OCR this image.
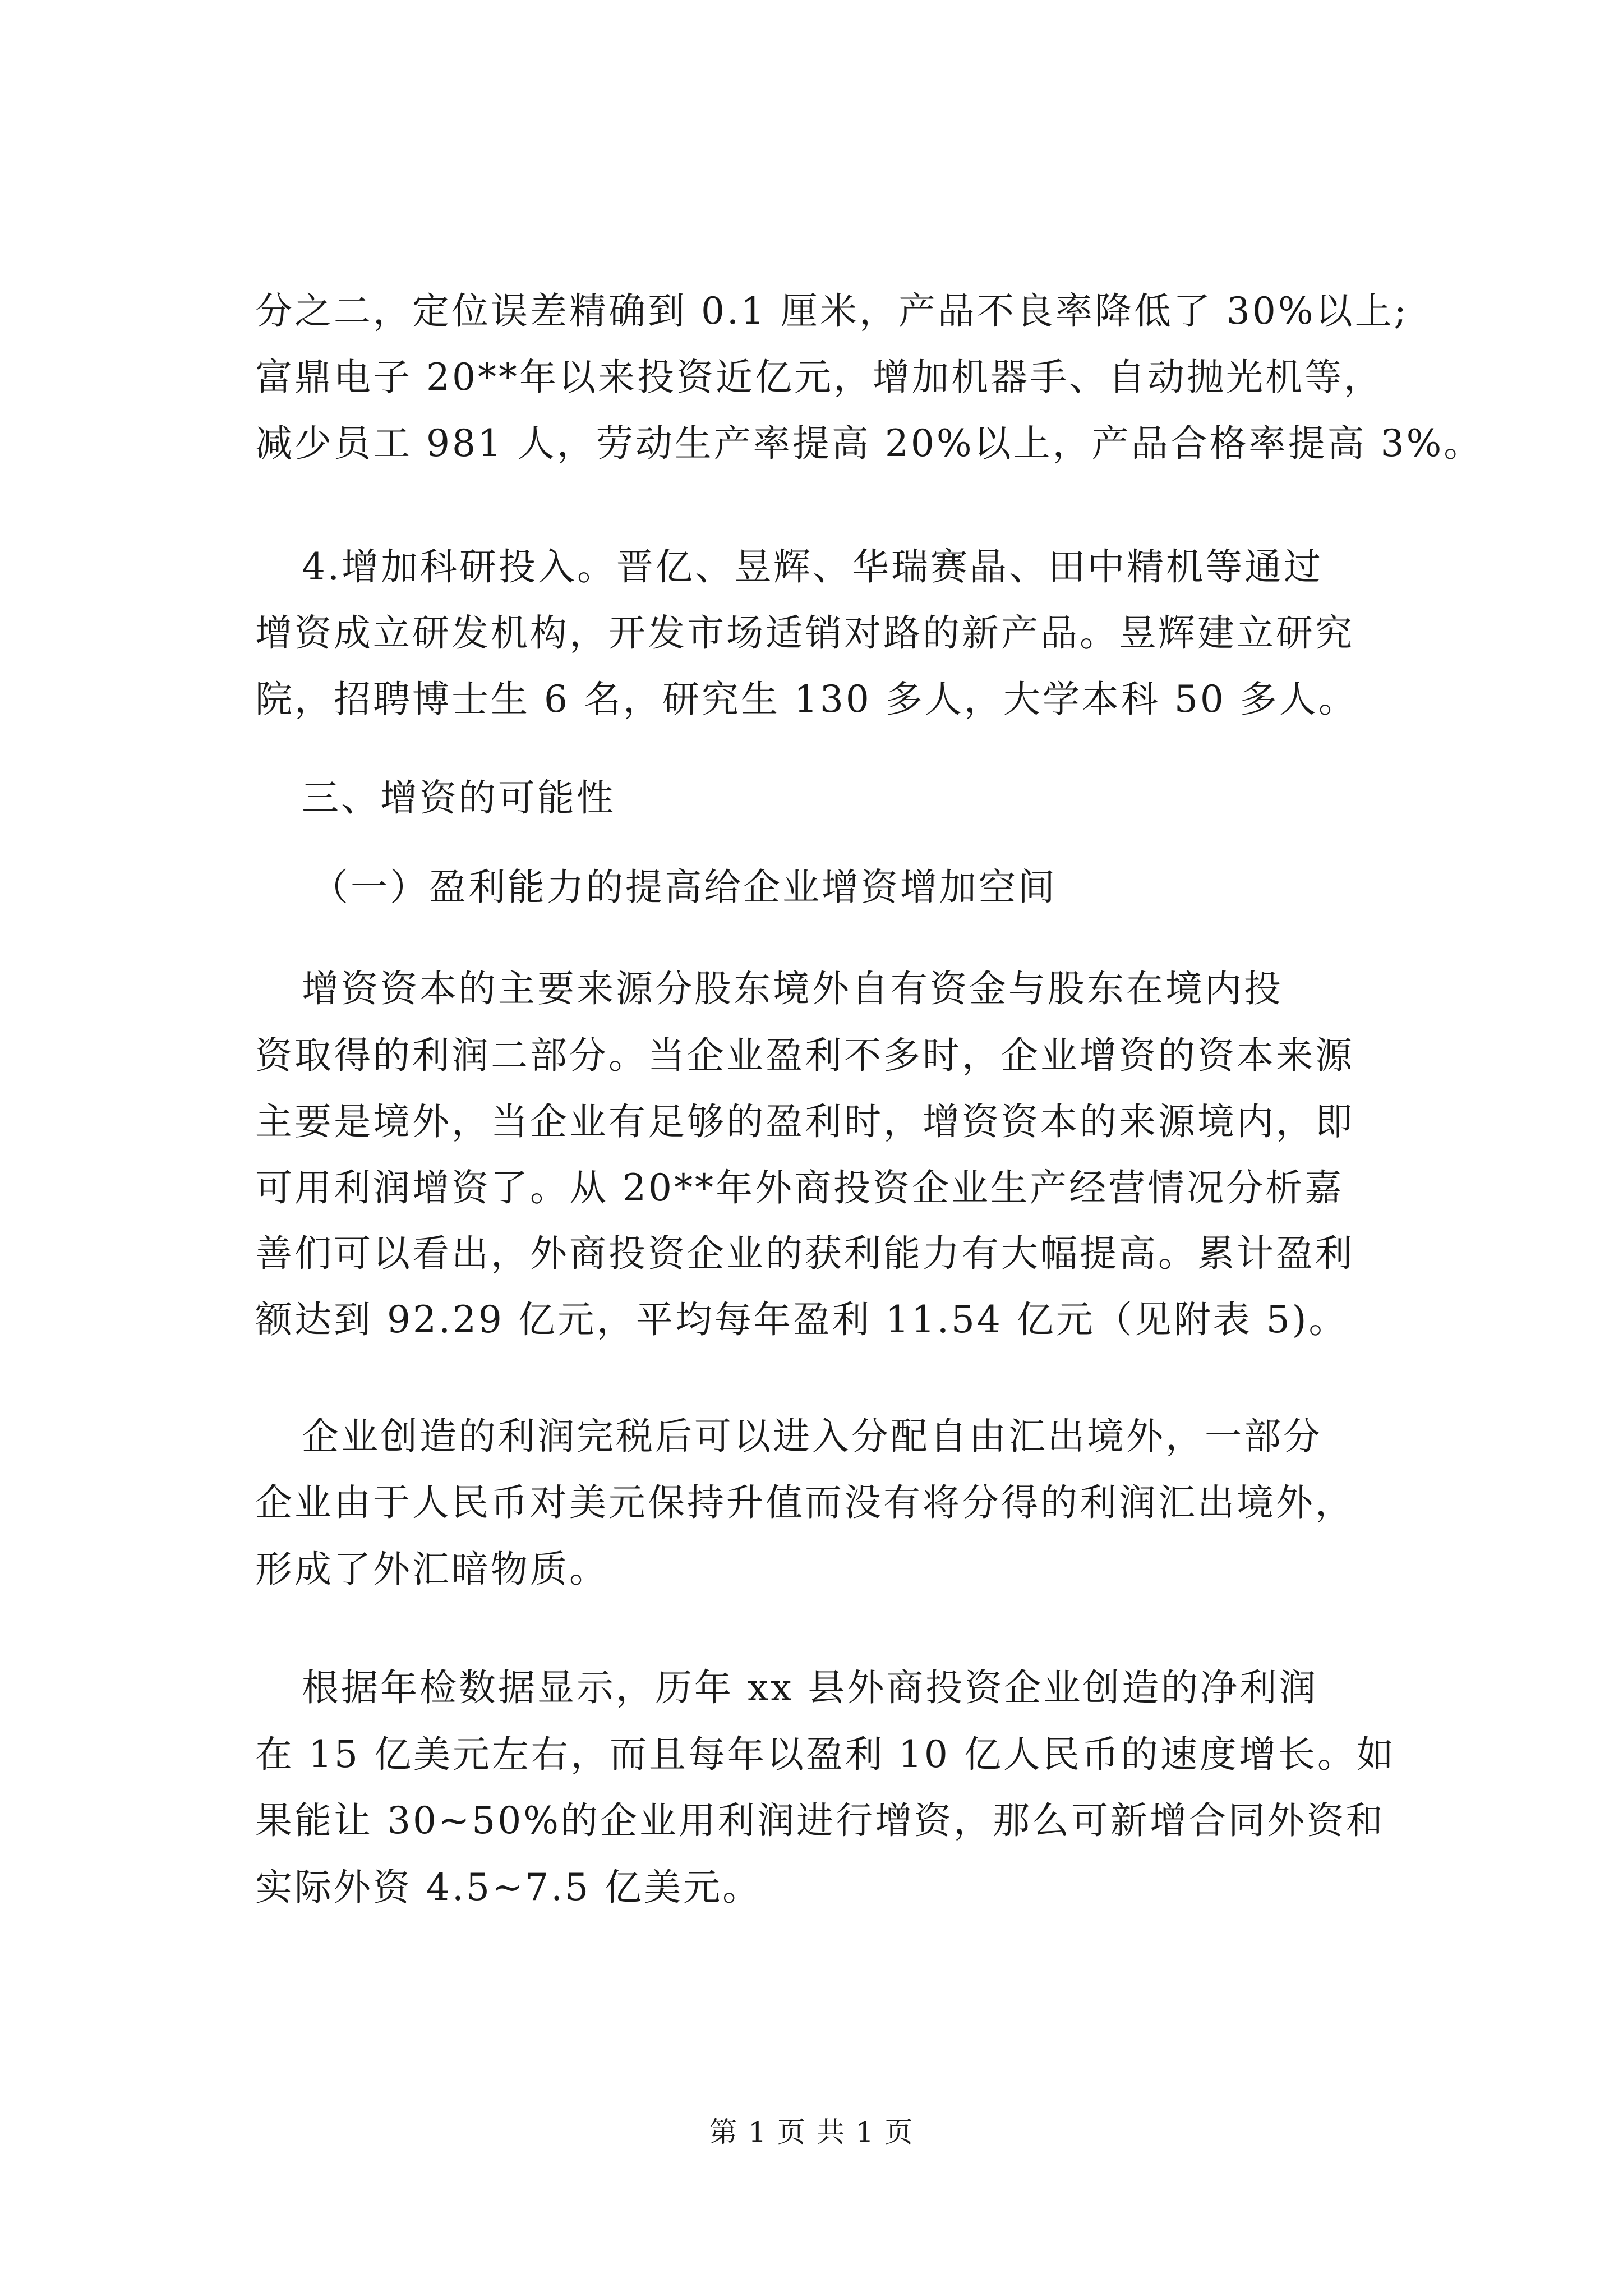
分之二，定位误差精确到 0.1 厘米，产品不良率降低了 30%以上;
富鼎电子 20**年以来投资近亿元，增加机器手、自动抛光机等，
减少员工 981 人，劳动生产率提高 20%以上，产品合格率提高 3%。
4.增加科研投入。晋亿、昱辉、华瑞赛晶、田中精机等通过
增资成立研发机构，开发市场适销对路的新产品。昱辉建立研究
院，招聘博士生 6 名，研究生 130 多人，大学本科 50 多人。
三、增资的可能性
（一）盈利能力的提高给企业增资增加空间
增资资本的主要来源分股东境外自有资金与股东在境内投
资取得的利润二部分。当企业盈利不多时，企业增资的资本来源
主要是境外，当企业有足够的盈利时，增资资本的来源境内，即
可用利润增资了。从 20**年外商投资企业生产经营情况分析嘉
善们可以看出，外商投资企业的获利能力有大幅提高。累计盈利
额达到 92.29 亿元，平均每年盈利 11.54 亿元（见附表 5)。
企业创造的利润完税后可以进入分配自由汇出境外，一部分
企业由于人民币对美元保持升值而没有将分得的利润汇出境外，
形成了外汇暗物质。
根据年检数据显示，历年 xx 县外商投资企业创造的净利润
在 15 亿美元左右，而且每年以盈利 10 亿人民币的速度增长。如
果能让 30~50%的企业用利润进行增资，那么可新增合同外资和
实际外资 4.5~7.5 亿美元。
第 1 页 共 1 页
